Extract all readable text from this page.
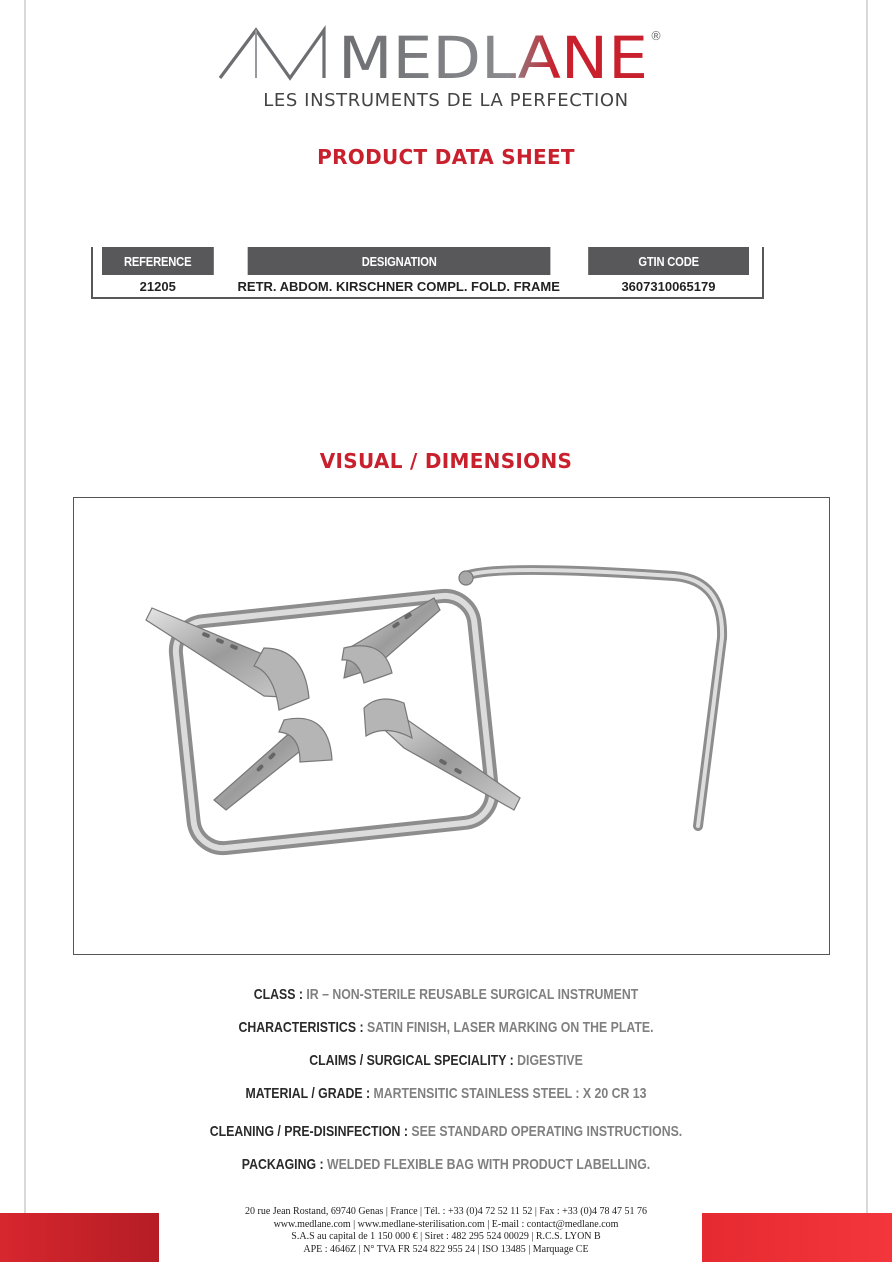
MEDLANE ®
LES INSTRUMENTS DE LA PERFECTION
PRODUCT DATA SHEET
REFERENCE	DESIGNATION	GTIN CODE

21205	RETR. ABDOM. KIRSCHNER COMPL. FOLD. FRAME	3607310065179
VISUAL / DIMENSIONS
CLASS : IR – NON-STERILE REUSABLE SURGICAL INSTRUMENT
CHARACTERISTICS : SATIN FINISH, LASER MARKING ON THE PLATE.
CLAIMS / SURGICAL SPECIALITY : DIGESTIVE
MATERIAL / GRADE : MARTENSITIC STAINLESS STEEL : X 20 CR 13
CLEANING / PRE-DISINFECTION : SEE STANDARD OPERATING INSTRUCTIONS.
PACKAGING : WELDED FLEXIBLE BAG WITH PRODUCT LABELLING.
20 rue Jean Rostand, 69740 Genas | France | Tél. : +33 (0)4 72 52 11 52 | Fax : +33 (0)4 78 47 51 76
www.medlane.com | www.medlane-sterilisation.com | E-mail : contact@medlane.com
S.A.S au capital de 1 150 000 € | Siret : 482 295 524 00029 | R.C.S. LYON B
APE : 4646Z | N° TVA FR 524 822 955 24 | ISO 13485 | Marquage CE
